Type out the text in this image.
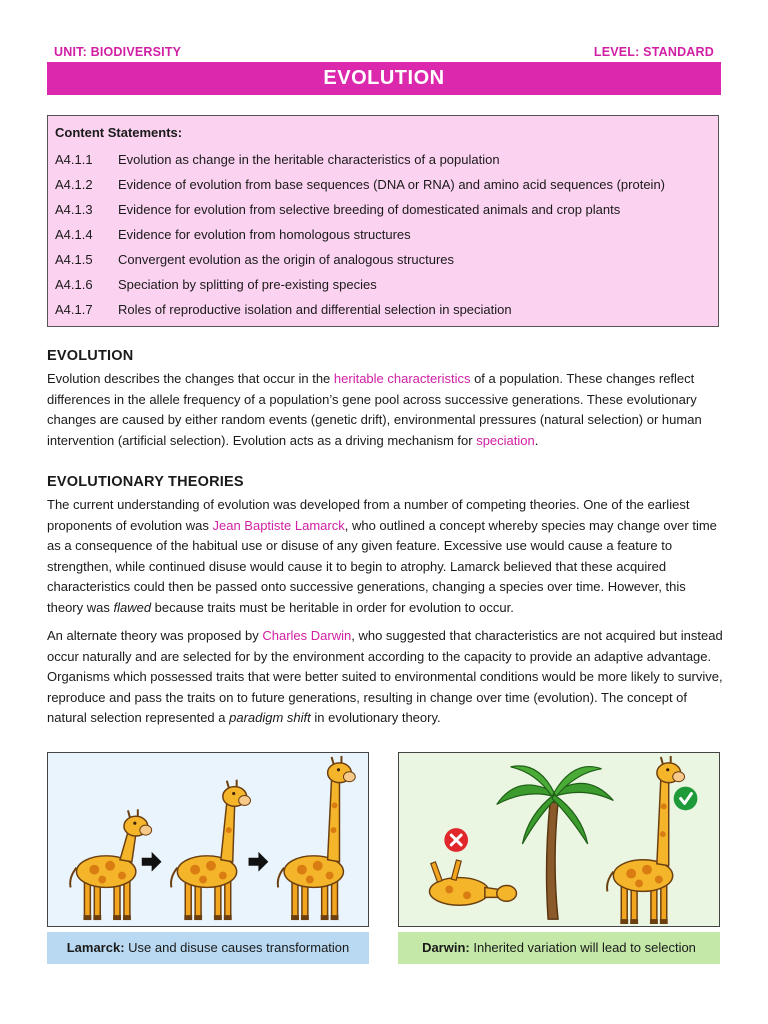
UNIT: BIODIVERSITY	LEVEL: STANDARD
EVOLUTION
Content Statements:
A4.1.1	Evolution as change in the heritable characteristics of a population
A4.1.2	Evidence of evolution from base sequences (DNA or RNA) and amino acid sequences (protein)
A4.1.3	Evidence for evolution from selective breeding of domesticated animals and crop plants
A4.1.4	Evidence for evolution from homologous structures
A4.1.5	Convergent evolution as the origin of analogous structures
A4.1.6	Speciation by splitting of pre-existing species
A4.1.7	Roles of reproductive isolation and differential selection in speciation
EVOLUTION

Evolution describes the changes that occur in the heritable characteristics of a population. These changes reflect differences in the allele frequency of a population’s gene pool across successive generations. These evolutionary changes are caused by either random events (genetic drift), environmental pressures (natural selection) or human intervention (artificial selection). Evolution acts as a driving mechanism for speciation.

EVOLUTIONARY THEORIES

The current understanding of evolution was developed from a number of competing theories. One of the earliest proponents of evolution was Jean Baptiste Lamarck, who outlined a concept whereby species may change over time as a consequence of the habitual use or disuse of any given feature. Excessive use would cause a feature to strengthen, while continued disuse would cause it to begin to atrophy. Lamarck believed that these acquired characteristics could then be passed onto successive generations, changing a species over time. However, this theory was flawed because traits must be heritable in order for evolution to occur.

An alternate theory was proposed by Charles Darwin, who suggested that characteristics are not acquired but instead occur naturally and are selected for by the environment according to the capacity to provide an adaptive advantage. Organisms which possessed traits that were better suited to environmental conditions would be more likely to survive, reproduce and pass the traits on to future generations, resulting in change over time (evolution). The concept of natural selection represented a paradigm shift in evolutionary theory.

Lamarck: Use and disuse causes transformation	Darwin: Inherited variation will lead to selection
